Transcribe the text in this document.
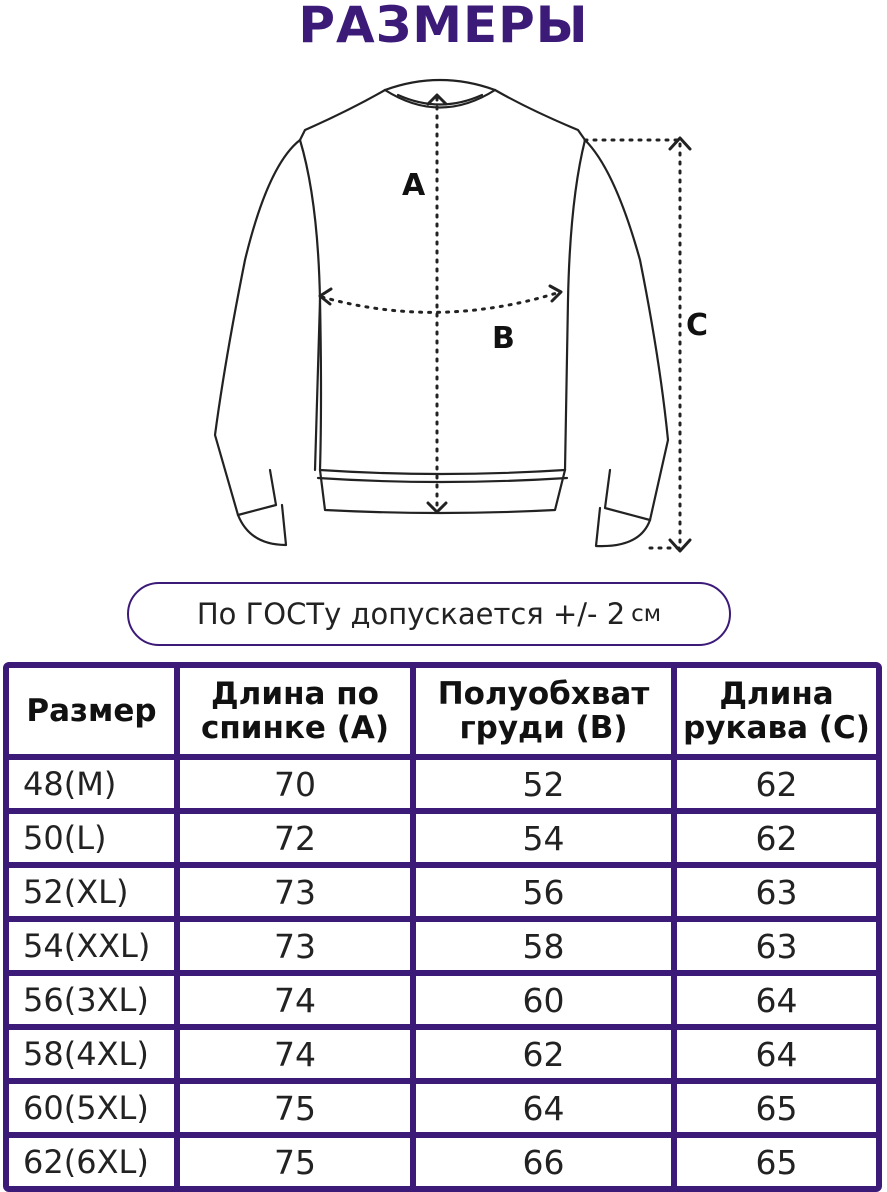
РАЗМЕРЫ
A
B	C
По ГОСТу допускается +/- 2 см
Размер	Длина по спинке (A)	Полуобхват груди (B)	Длина рукава (C)
48(M)	70	52	62
50(L)	72	54	62
52(XL)	73	56	63
54(XXL)	73	58	63
56(3XL)	74	60	64
58(4XL)	74	62	64
60(5XL)	75	64	65
62(6XL)	75	66	65
